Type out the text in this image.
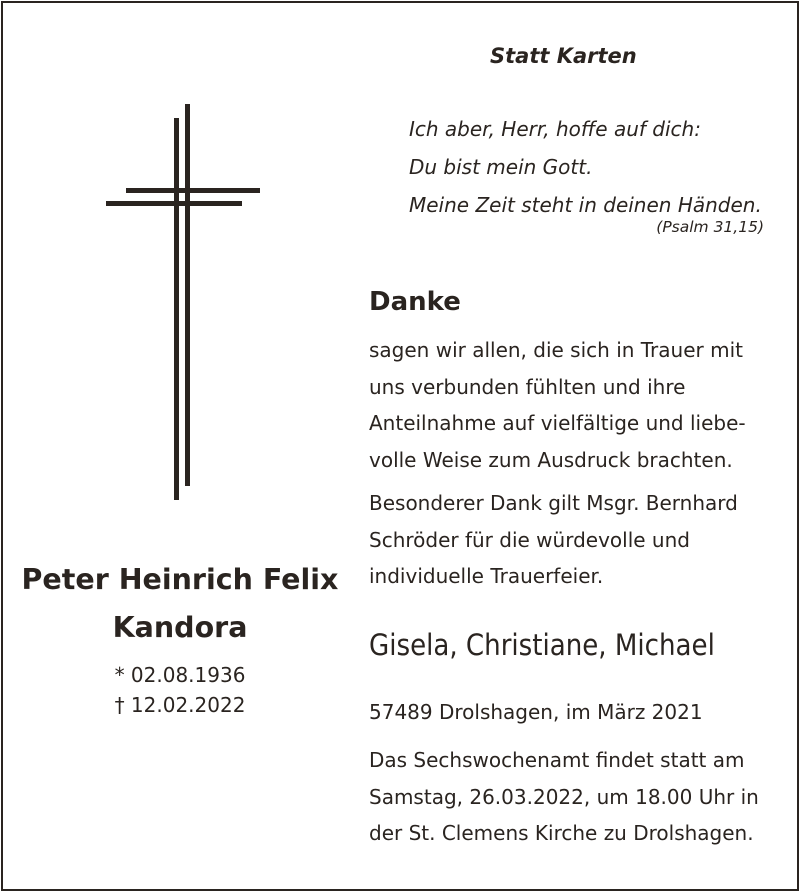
Statt Karten
Ich aber, Herr, hoffe auf dich:
Du bist mein Gott.
Meine Zeit steht in deinen Händen.
(Psalm 31,15)
Danke
sagen wir allen, die sich in Trauer mit
uns verbunden fühlten und ihre
Anteilnahme auf vielfältige und liebe-
volle Weise zum Ausdruck brachten.
Besonderer Dank gilt Msgr. Bernhard
Schröder für die würdevolle und
individuelle Trauerfeier.
Gisela, Christiane, Michael
57489 Drolshagen, im März 2021
Das Sechswochenamt findet statt am
Samstag, 26.03.2022, um 18.00 Uhr in
der St. Clemens Kirche zu Drolshagen.
Peter Heinrich Felix
Kandora
* 02.08.1936
† 12.02.2022
